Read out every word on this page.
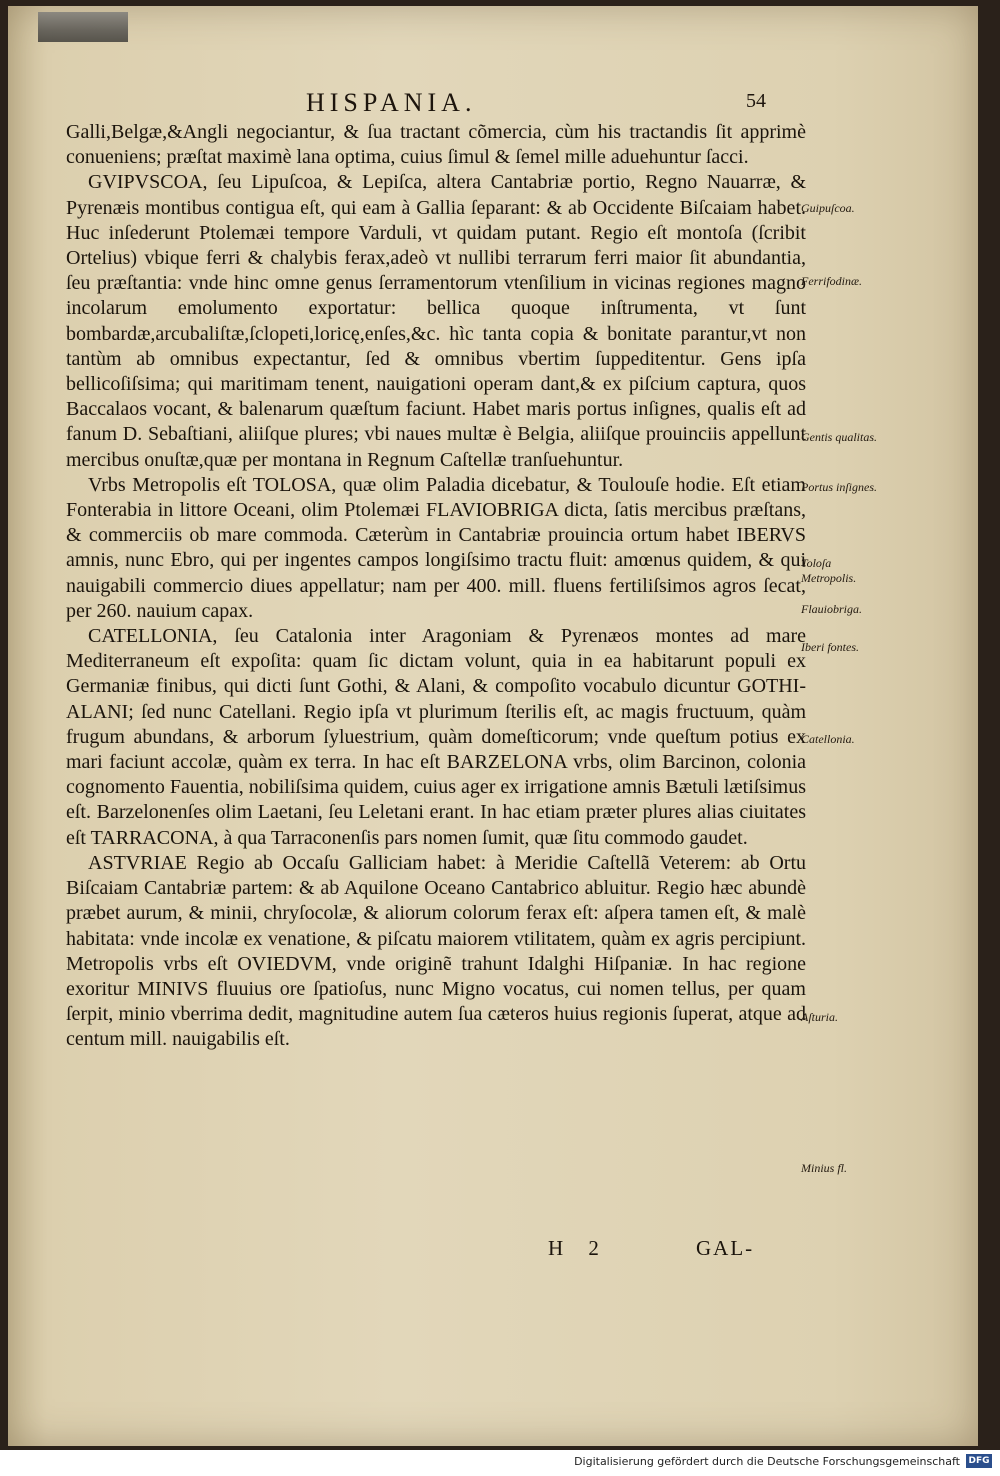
HISPANIA.	54

Galli,Belgæ,&Angli negociantur, & ſua tractant cõmercia, cùm his tractandis ſit apprimè conueniens; præſtat maximè lana optima, cuius ſimul & ſemel mille aduehuntur ſacci.

GVIPVSCOA, ſeu Lipuſcoa, & Lepiſca, altera Cantabriæ portio, Regno Nauarræ, & Pyrenæis montibus contigua eſt, qui eam à Gallia ſeparant: & ab Occidente Biſcaiam habet. Huc inſederunt Ptolemæi tempore Varduli, vt quidam putant. Regio eſt montoſa (ſcribit Ortelius) vbique ferri & chalybis ferax,adeò vt nullibi terrarum ferri maior ſit abundantia, ſeu præſtantia: vnde hinc omne genus ſerramentorum vtenſilium in vicinas regiones magno incolarum emolumento exportatur: bellica quoque inſtrumenta, vt ſunt bombardæ,arcubaliſtæ,ſclopeti,loricę,enſes,&c. hìc tanta copia & bonitate parantur,vt non tantùm ab omnibus expectantur, ſed & omnibus vbertim ſuppeditentur. Gens ipſa bellicoſiſsima; qui maritimam tenent, nauigationi operam dant,& ex piſcium captura, quos Baccalaos vocant, & balenarum quæſtum faciunt. Habet maris portus inſignes, qualis eſt ad fanum D. Sebaſtiani, aliiſque plures; vbi naues multæ è Belgia, aliiſque prouinciis appellunt mercibus onuſtæ,quæ per montana in Regnum Caſtellæ tranſuehuntur.

Vrbs Metropolis eſt TOLOSA, quæ olim Paladia dicebatur, & Toulouſe hodie. Eſt etiam Fonterabia in littore Oceani, olim Ptolemæi FLAVIOBRIGA dicta, ſatis mercibus præſtans, & commerciis ob mare commoda. Cæterùm in Cantabriæ prouincia ortum habet IBERVS amnis, nunc Ebro, qui per ingentes campos longiſsimo tractu fluit: amœnus quidem, & qui nauigabili commercio diues appellatur; nam per 400. mill. fluens fertiliſsimos agros ſecat, per 260. nauium capax.

CATELLONIA, ſeu Catalonia inter Aragoniam & Pyrenæos montes ad mare Mediterraneum eſt expoſita: quam ſic dictam volunt, quia in ea habitarunt populi ex Germaniæ finibus, qui dicti ſunt Gothi, & Alani, & compoſito vocabulo dicuntur GOTHI-ALANI; ſed nunc Catellani. Regio ipſa vt plurimum ſterilis eſt, ac magis fructuum, quàm frugum abundans, & arborum ſyluestrium, quàm domeſticorum; vnde queſtum potius ex mari faciunt accolæ, quàm ex terra. In hac eſt BARZELONA vrbs, olim Barcinon, colonia cognomento Fauentia, nobiliſsima quidem, cuius ager ex irrigatione amnis Bætuli lætiſsimus eſt. Barzelonenſes olim Laetani, ſeu Leletani erant. In hac etiam præter plures alias ciuitates eſt TARRACONA, à qua Tarraconenſis pars nomen ſumit, quæ ſitu commodo gaudet.

ASTVRIAE Regio ab Occaſu Galliciam habet: à Meridie Caſtellã Veterem: ab Ortu Biſcaiam Cantabriæ partem: & ab Aquilone Oceano Cantabrico abluitur. Regio hæc abundè præbet aurum, & minii, chryſocolæ, & aliorum colorum ferax eſt: aſpera tamen eſt, & malè habitata: vnde incolæ ex venatione, & piſcatu maiorem vtilitatem, quàm ex agris percipiunt. Metropolis vrbs eſt OVIEDVM, vnde originẽ trahunt Idalghi Hiſpaniæ. In hac regione exoritur MINIVS fluuius ore ſpatioſus, nunc Migno vocatus, cui nomen tellus, per quam ſerpit, minio vberrima dedit, magnitudine autem ſua cæteros huius regionis ſuperat, atque ad centum mill. nauigabilis eſt.

Guipuſcoa.
Ferrifodinæ.
Gentis qualitas.
Portus inſignes.
Toloſa Metropolis.
Flauiobriga.
Iberi fontes.
Catellonia.
Aſturia.
Minius fl.
H 2	GAL-
Digitalisierung gefördert durch die Deutsche Forschungsgemeinschaft DFG
